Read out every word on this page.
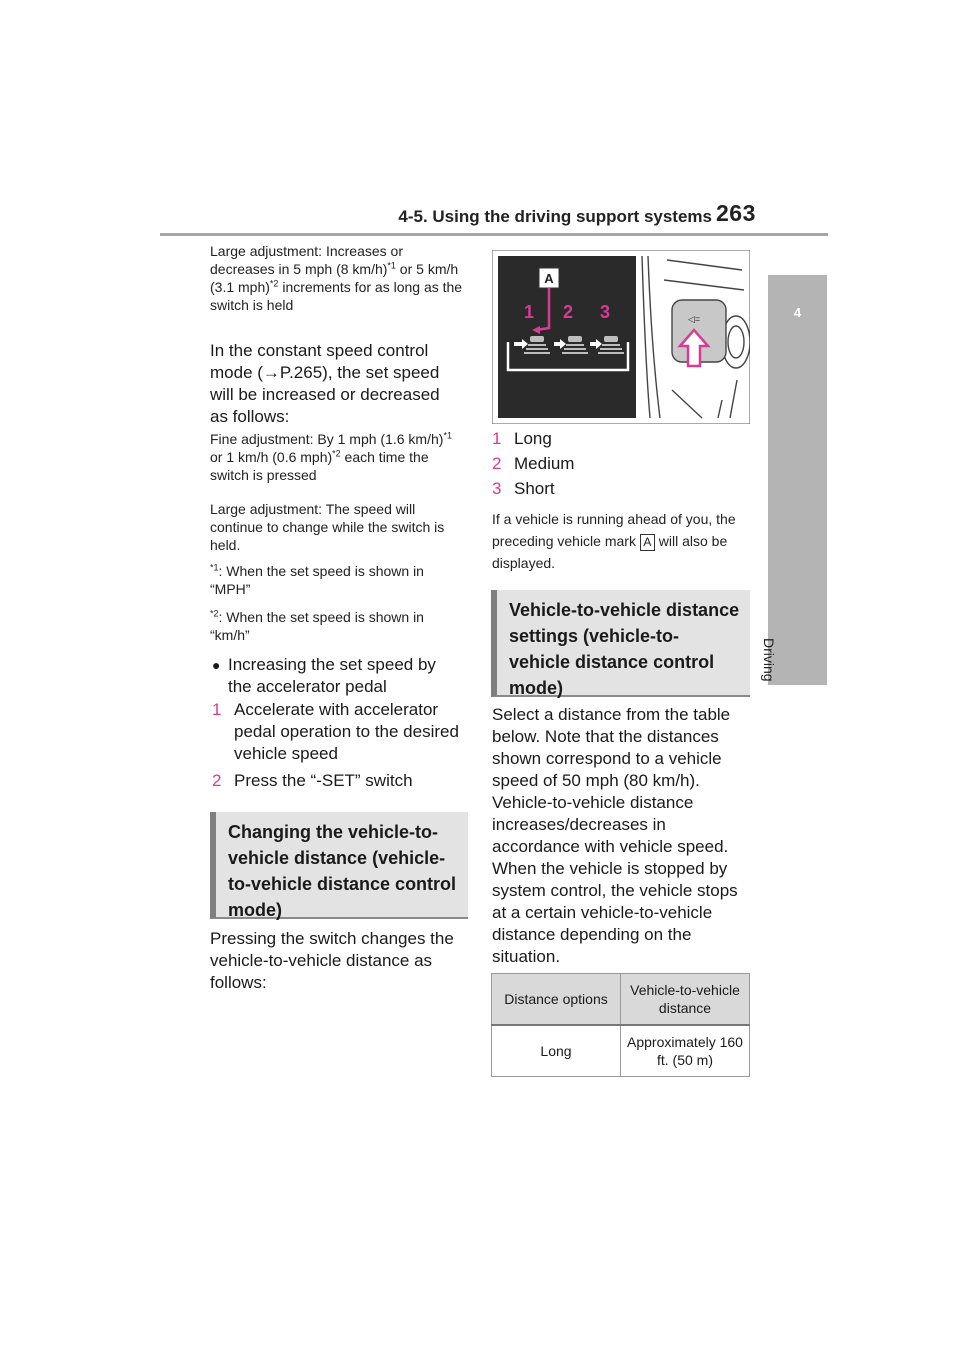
4-5. Using the driving support systems 263
4
Driving
Large adjustment: Increases or decreases in 5 mph (8 km/h)$^{*1}$ or 5 km/h (3.1 mph)$^{*2}$ increments for as long as the switch is held
In the constant speed control mode (→P.265), the set speed will be increased or decreased as follows:
Fine adjustment: By 1 mph (1.6 km/h)$^{*1}$ or 1 km/h (0.6 mph)$^{*2}$ each time the switch is pressed
Large adjustment: The speed will continue to change while the switch is held.
$^{*1}$: When the set speed is shown in “MPH”
$^{*2}$: When the set speed is shown in “km/h”
● Increasing the set speed by the accelerator pedal
1 Accelerate with accelerator pedal operation to the desired vehicle speed
2 Press the “-SET” switch
Changing the vehicle-to-vehicle distance (vehicle-to-vehicle distance control mode)
Pressing the switch changes the vehicle-to-vehicle distance as follows:
◁=
A
1 2 3
1 Long
2 Medium
3 Short
If a vehicle is running ahead of you, the preceding vehicle mark A will also be displayed.
Vehicle-to-vehicle distance settings (vehicle-to-vehicle distance control mode)
Select a distance from the table below. Note that the distances shown correspond to a vehicle speed of 50 mph (80 km/h). Vehicle-to-vehicle distance increases/decreases in accordance with vehicle speed. When the vehicle is stopped by system control, the vehicle stops at a certain vehicle-to-vehicle distance depending on the situation.
Distance options	Vehicle-to-vehicle distance
Long	Approximately 160 ft. (50 m)
